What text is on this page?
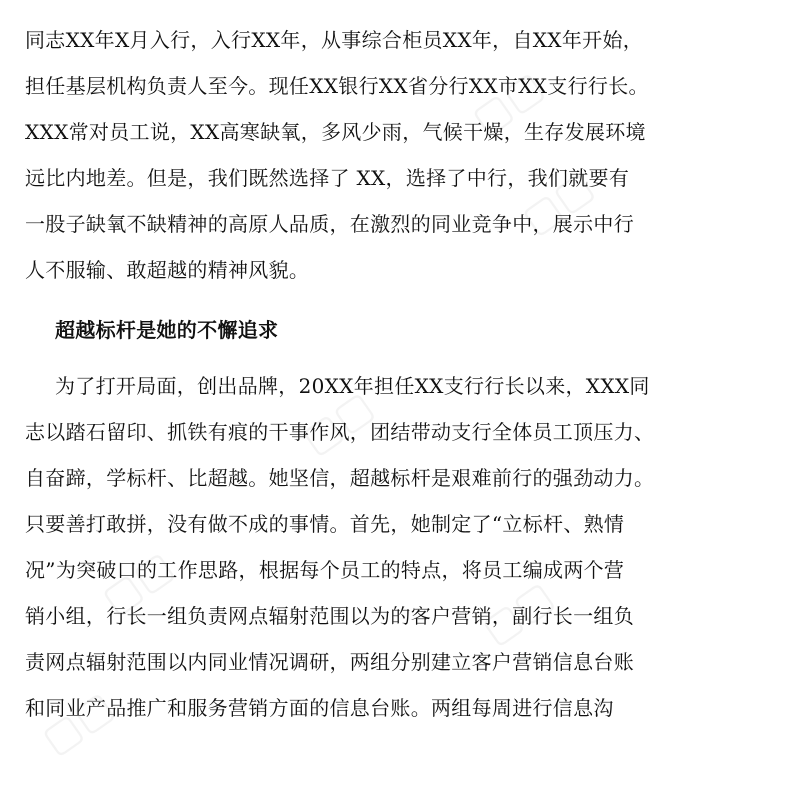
▢▢
▢▢
▢▢
▢▢	▢▢
▢▢
同志XX年X月入行，入行XX年，从事综合柜员XX年，自XX年开始，
担任基层机构负责人至今。现任XX银行XX省分行XX市XX支行行长。
XXX常对员工说，XX高寒缺氧，多风少雨，气候干燥，生存发展环境
远比内地差。但是，我们既然选择了 XX，选择了中行，我们就要有
一股子缺氧不缺精神的高原人品质，在激烈的同业竞争中，展示中行
人不服输、敢超越的精神风貌。
超越标杆是她的不懈追求
为了打开局面，创出品牌，20XX年担任XX支行行长以来，XXX同
志以踏石留印、抓铁有痕的干事作风，团结带动支行全体员工顶压力、
自奋蹄，学标杆、比超越。她坚信，超越标杆是艰难前行的强劲动力。
只要善打敢拼，没有做不成的事情。首先，她制定了“立标杆、熟情
况”为突破口的工作思路，根据每个员工的特点，将员工编成两个营
销小组，行长一组负责网点辐射范围以为的客户营销，副行长一组负
责网点辐射范围以内同业情况调研，两组分别建立客户营销信息台账
和同业产品推广和服务营销方面的信息台账。两组每周进行信息沟
